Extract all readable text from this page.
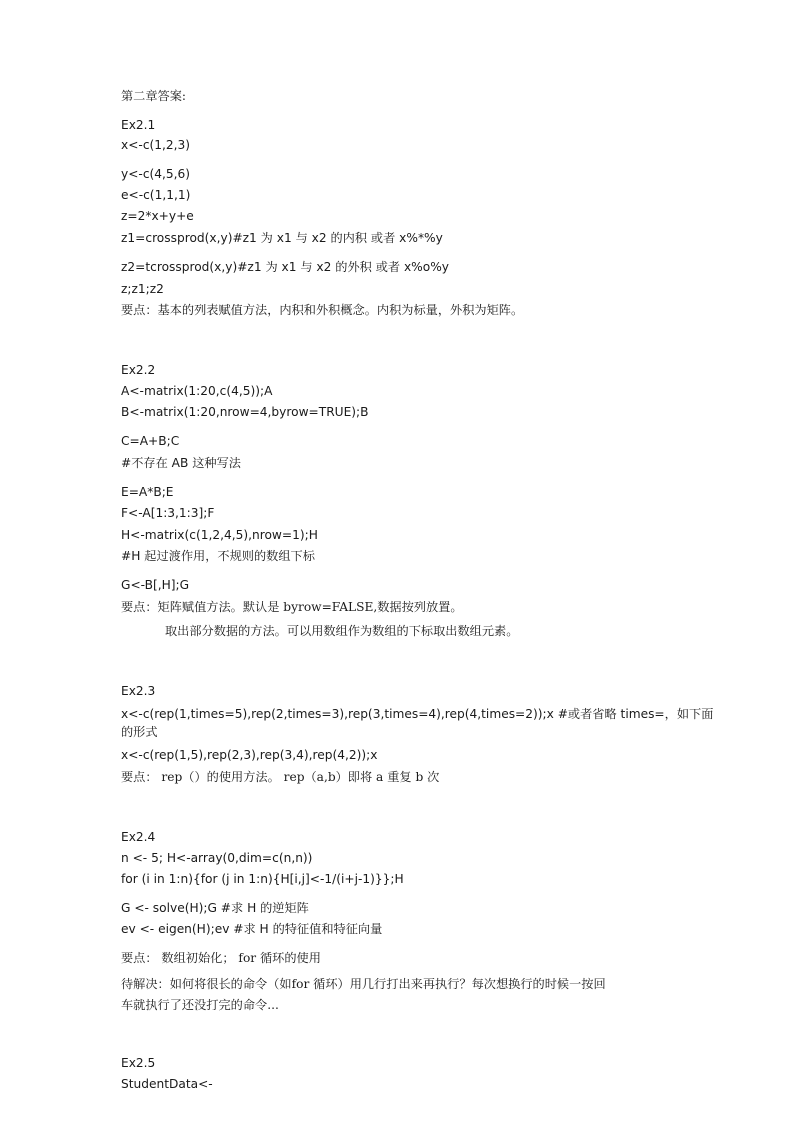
第二章答案:
Ex2.1
x<-c(1,2,3)
y<-c(4,5,6)
e<-c(1,1,1)
z=2*x+y+e
z1=crossprod(x,y)#z1 为 x1 与 x2 的内积 或者 x%*%y
z2=tcrossprod(x,y)#z1 为 x1 与 x2 的外积 或者 x%o%y
z;z1;z2
要点：基本的列表赋值方法，内积和外积概念。内积为标量，外积为矩阵。
Ex2.2
A<-matrix(1:20,c(4,5));A
B<-matrix(1:20,nrow=4,byrow=TRUE);B
C=A+B;C
#不存在 AB 这种写法
E=A*B;E
F<-A[1:3,1:3];F
H<-matrix(c(1,2,4,5),nrow=1);H
#H 起过渡作用，不规则的数组下标
G<-B[,H];G
要点：矩阵赋值方法。默认是 byrow=FALSE,数据按列放置。
取出部分数据的方法。可以用数组作为数组的下标取出数组元素。
Ex2.3
x<-c(rep(1,times=5),rep(2,times=3),rep(3,times=4),rep(4,times=2));x #或者省略 times=，如下面
的形式
x<-c(rep(1,5),rep(2,3),rep(3,4),rep(4,2));x
要点： rep（）的使用方法。 rep（a,b）即将 a 重复 b 次
Ex2.4
n <- 5; H<-array(0,dim=c(n,n))
for (i in 1:n){for (j in 1:n){H[i,j]<-1/(i+j-1)}};H
G <- solve(H);G #求 H 的逆矩阵
ev <- eigen(H);ev #求 H 的特征值和特征向量
要点： 数组初始化； for 循环的使用
待解决：如何将很长的命令（如for 循环）用几行打出来再执行？每次想换行的时候一按回
车就执行了还没打完的命令...
Ex2.5
StudentData<-
